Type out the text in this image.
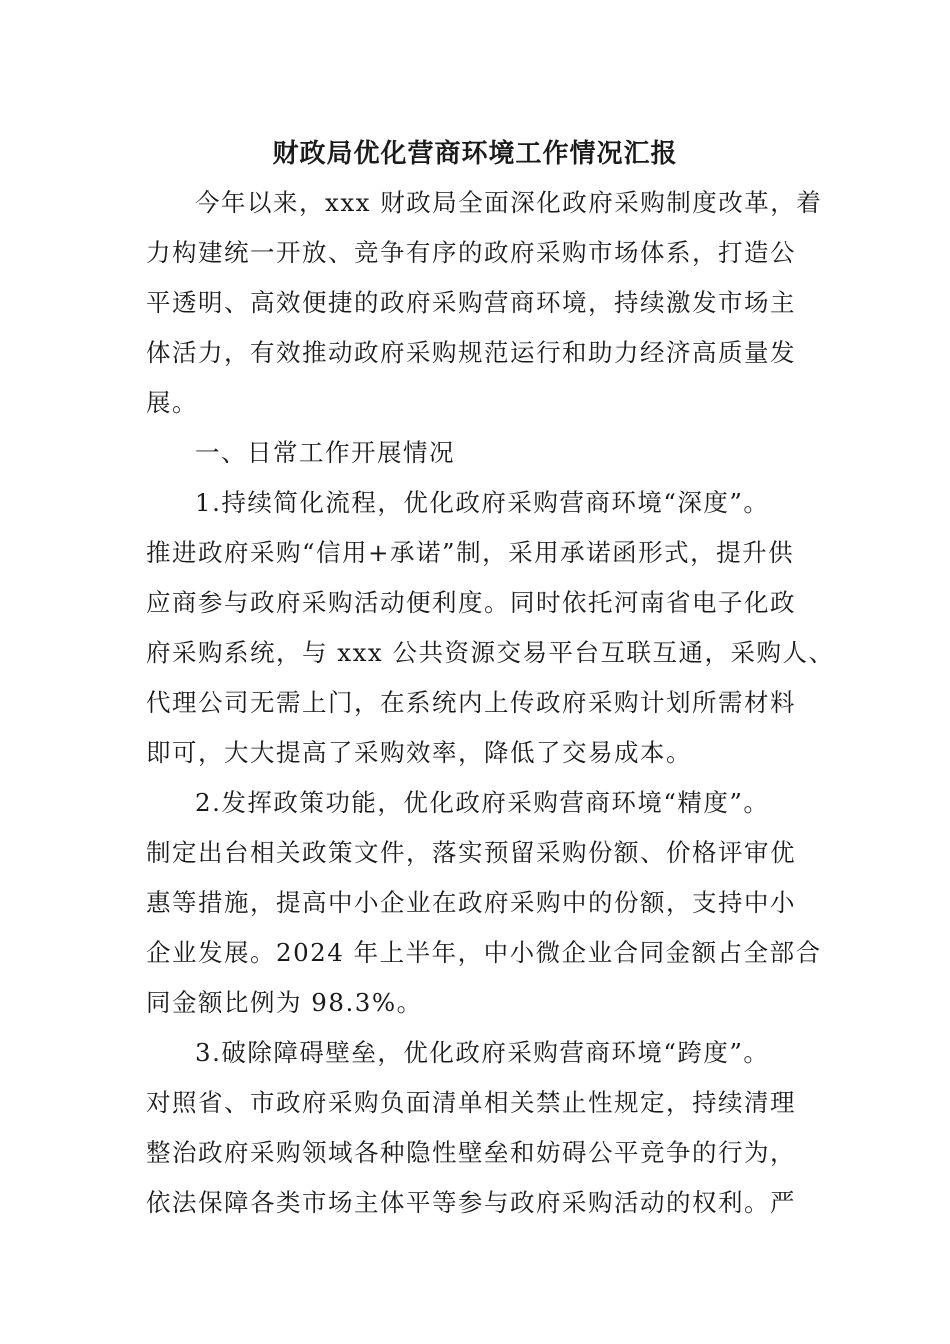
财政局优化营商环境工作情况汇报
今年以来，xxx 财政局全面深化政府采购制度改革，着
力构建统一开放、竞争有序的政府采购市场体系，打造公
平透明、高效便捷的政府采购营商环境，持续激发市场主
体活力，有效推动政府采购规范运行和助力经济高质量发
展。
一、日常工作开展情况
1.持续简化流程，优化政府采购营商环境“深度”。
推进政府采购“信用+承诺”制，采用承诺函形式，提升供
应商参与政府采购活动便利度。同时依托河南省电子化政
府采购系统，与 xxx 公共资源交易平台互联互通，采购人、
代理公司无需上门，在系统内上传政府采购计划所需材料
即可，大大提高了采购效率，降低了交易成本。
2.发挥政策功能，优化政府采购营商环境“精度”。
制定出台相关政策文件，落实预留采购份额、价格评审优
惠等措施，提高中小企业在政府采购中的份额，支持中小
企业发展。2024 年上半年，中小微企业合同金额占全部合
同金额比例为 98.3%。
3.破除障碍壁垒，优化政府采购营商环境“跨度”。
对照省、市政府采购负面清单相关禁止性规定，持续清理
整治政府采购领域各种隐性壁垒和妨碍公平竞争的行为，
依法保障各类市场主体平等参与政府采购活动的权利。严
